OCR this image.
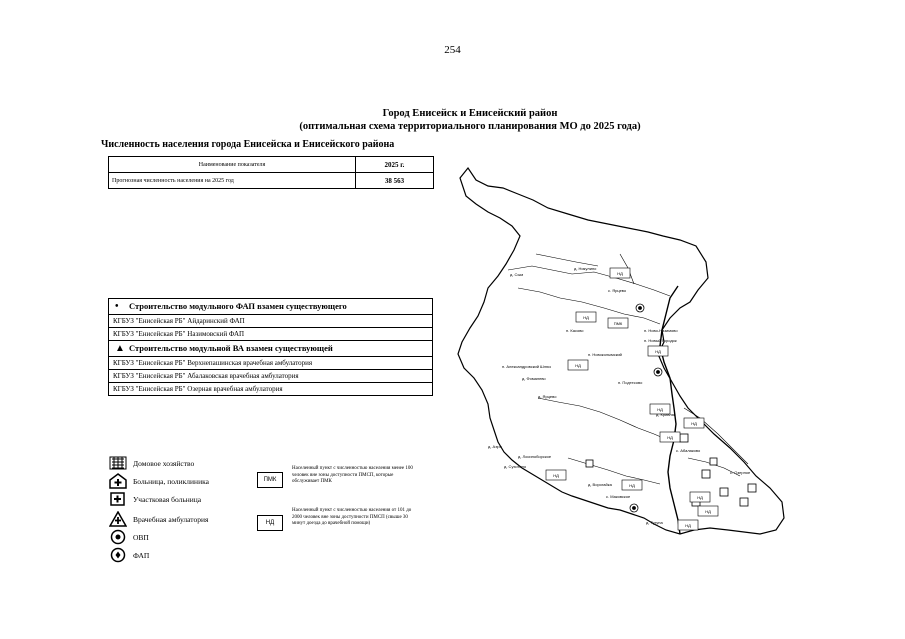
254
Город Енисейск и Енисейский район
(оптимальная схема территориального планирования МО до 2025 года)
Численность населения города Енисейска и Енисейского района
Наименование показателя	2025 г.
Прогнозная численность населения на 2025 год	38 563
• Строительство модульного ФАП взамен существующего
КГБУЗ "Енисейская РБ" Айдаринский ФАП
КГБУЗ "Енисейская РБ" Назимовский ФАП
▲ Строительство модульной ВА взамен существующей
КГБУЗ "Енисейская РБ" Верхнепашинская врачебная амбулатория
КГБУЗ "Енисейская РБ" Абалаковская врачебная амбулатория
КГБУЗ "Енисейская РБ" Озерная врачебная амбулатория
Домовое хозяйство
Больница, поликлиника
Участковая больница
Врачебная амбулатория
ОВП
ФАП
ПМК
Населенный пункт с численностью населения менее 100 человек вне зоны доступности ПМСП, которые обслуживает ПМК
НД
Населенный пункт с численностью населения от 101 до 2000 человек вне зоны доступности ПМСП (свыше 30 минут доезда до врачебной помощи)
НД
НД
НД
ПМК
НД
НД
НД
НД
НД
НД
НД
НД
НД
д. Сым
д. Никулино
с. Ярцево
п. Касово	п. Ново-Назимово
п. Новый Городок
п. Новоколымский
п. Александровский Шлюз
д. Фомалево
д. Ярцево
п. Подтесово
д. Лосиноборское
д. Сухотино
д. Ворогайка
с. Маковское
д. Кривляк
с. Абалаково
с. Озерное
д. Тугуна
д. Аэрп
